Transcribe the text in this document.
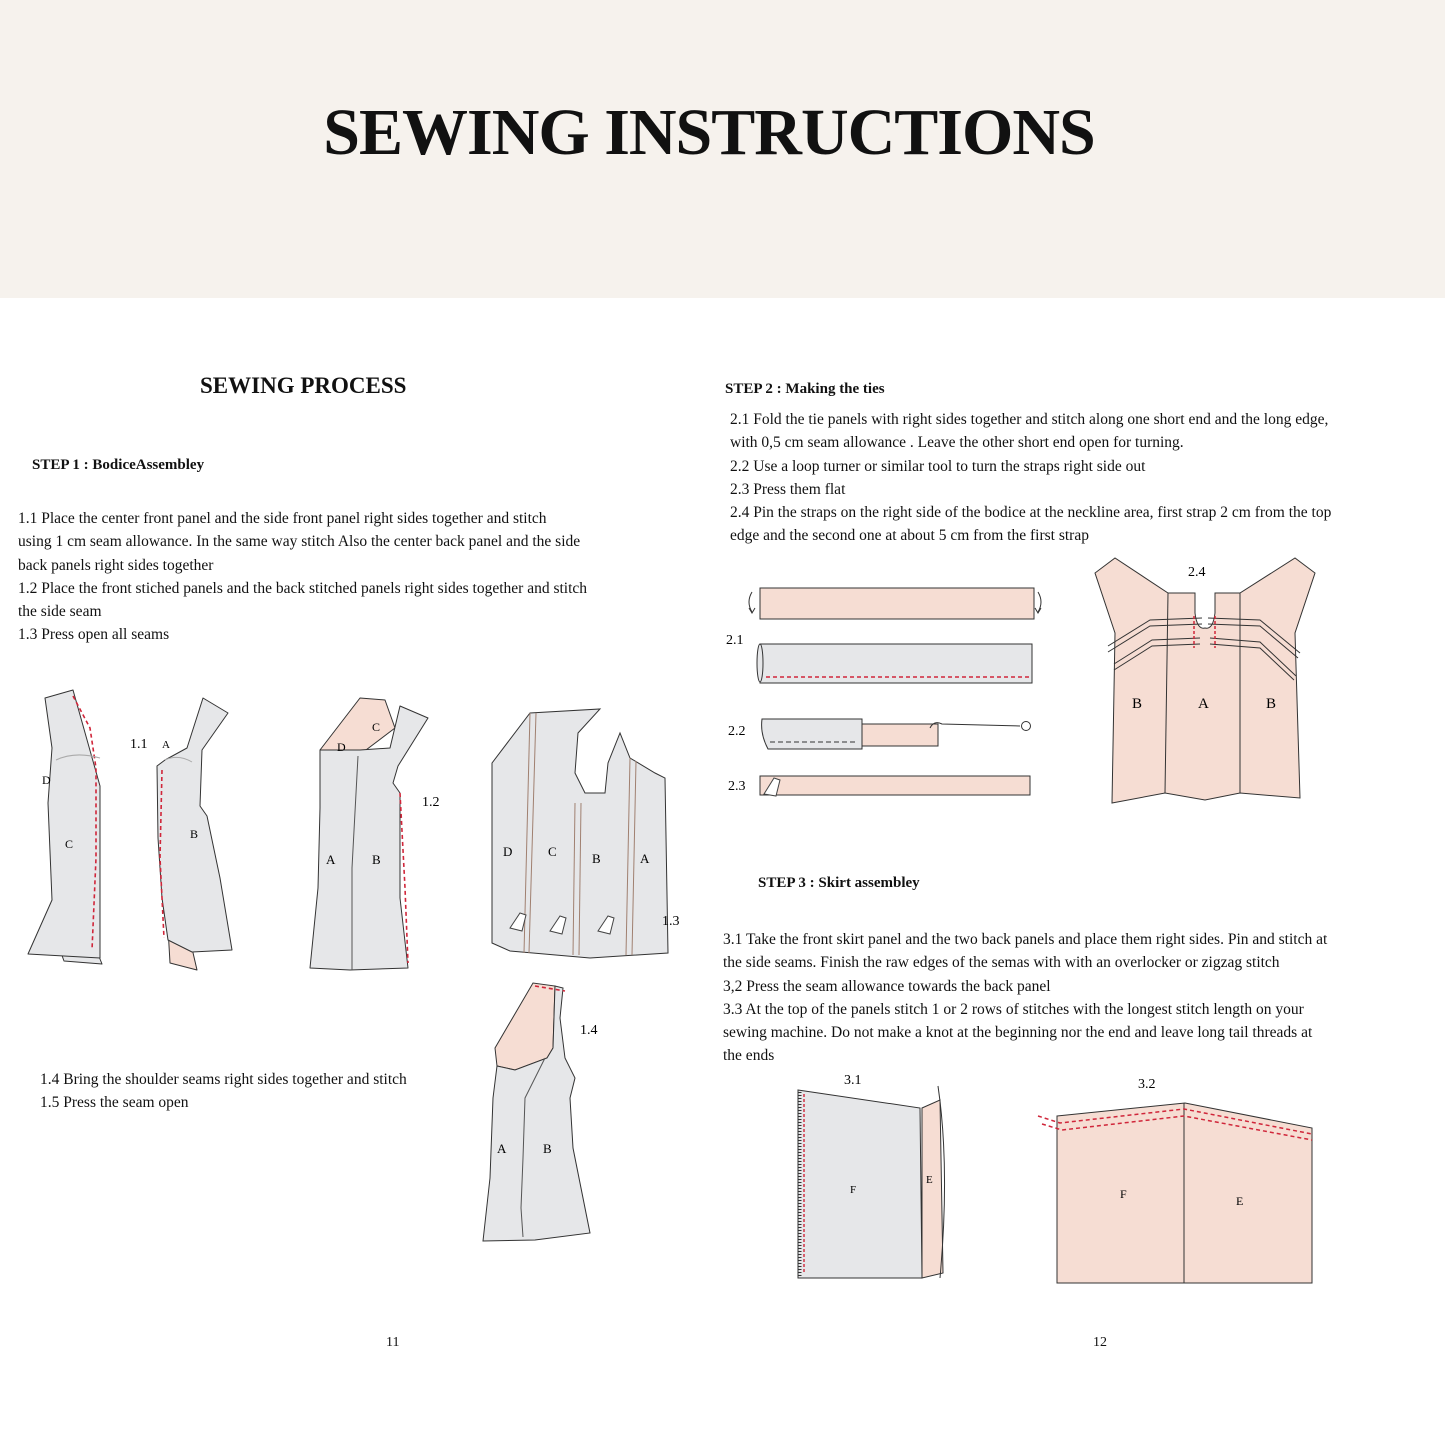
SEWING INSTRUCTIONS
SEWING PROCESS
STEP 1 : BodiceAssembley

1.1 Place the center front panel and the side front panel right sides together and stitch
using 1 cm seam allowance. In the same way stitch Also the center back panel and the side
back panels right sides together
1.2 Place the front stiched panels and the back stitched panels right sides together and stitch
the side seam
1.3 Press open all seams

1.1
D
C
A
B
1.2
D
C
A	B
1.3
D	C	B	A

1.4 Bring the shoulder seams right sides together and stitch
1.5 Press the seam open

1.4
A	B
11
STEP 2 : Making the ties

2.1 Fold the tie panels with right sides together and stitch along one short end and the long edge,
with 0,5 cm seam allowance . Leave the other short end open for turning.
2.2 Use a loop turner or similar tool to turn the straps right side out
2.3 Press them flat
2.4 Pin the straps on the right side of the bodice at the neckline area, first strap 2 cm from the top
edge and the second one at about 5 cm from the first strap

2.1
2.2
2.3
2.4
B	A	B
STEP 3 : Skirt assembley

3.1 Take the front skirt panel and the two back panels and place them right sides. Pin and stitch at
the side seams. Finish the raw edges of the semas with with an overlocker or zigzag stitch
3,2 Press the seam allowance towards the back panel
3.3 At the top of the panels stitch 1 or 2 rows of stitches with the longest stitch length on your
sewing machine. Do not make a knot at the beginning nor the end and leave long tail threads at
the ends

3.1
F
E
3.2
F	E
12
